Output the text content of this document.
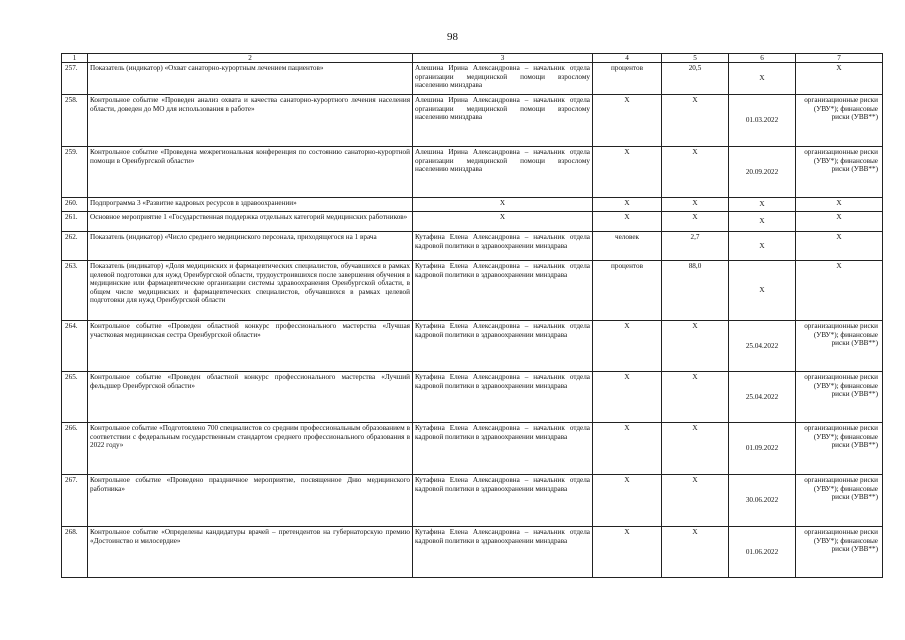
98
1	2	3	4	5	6	7
257.	Показатель (индикатор) «Охват санаторно-курортным лечением пациентов»	Алешина Ирина Александровна – начальник отдела организации медицинской помощи взрослому населению минздрава	процентов	20,5	X	X
258.	Контрольное событие «Проведен анализ охвата и качества санаторно-курортного лечения населения области, доведен до МО для использования в работе»	Алешина Ирина Александровна – начальник отдела организации медицинской помощи взрослому населению минздрава	X	X	01.03.2022	организационные риски (УВУ*); финансовые риски (УВВ**)
259.	Контрольное событие «Проведена межрегиональная конференция по состоянию санаторно-курортной помощи в Оренбургской области»	Алешина Ирина Александровна – начальник отдела организации медицинской помощи взрослому населению минздрава	X	X	20.09.2022	организационные риски (УВУ*); финансовые риски (УВВ**)
260.	Подпрограмма 3 «Развитие кадровых ресурсов в здравоохранении»	X	X	X	X	X
261.	Основное мероприятие 1 «Государственная поддержка отдельных категорий медицинских работников»	X	X	X	X	X
262.	Показатель (индикатор) «Число среднего медицинского персонала, приходящегося на 1 врача	Кутафина Елена Александровна – начальник отдела кадровой политики в здравоохранении минздрава	человек	2,7	X	X
263.	Показатель (индикатор) «Доля медицинских и фармацевтических специалистов, обучавшихся в рамках целевой подготовки для нужд Оренбургской области, трудоустроившихся после завершения обучения в медицинские или фармацевтические организации системы здравоохранения Оренбургской области, в общем числе медицинских и фармацевтических специалистов, обучавшихся в рамках целевой подготовки для нужд Оренбургской области	Кутафина Елена Александровна – начальник отдела кадровой политики в здравоохранении минздрава	процентов	88,0	X	X
264.	Контрольное событие «Проведен областной конкурс профессионального мастерства «Лучшая участковая медицинская сестра Оренбургской области»	Кутафина Елена Александровна – начальник отдела кадровой политики в здравоохранении минздрава	X	X	25.04.2022	организационные риски (УВУ*); финансовые риски (УВВ**)
265.	Контрольное событие «Проведен областной конкурс профессионального мастерства «Лучший фельдшер Оренбургской области»	Кутафина Елена Александровна – начальник отдела кадровой политики в здравоохранении минздрава	X	X	25.04.2022	организационные риски (УВУ*); финансовые риски (УВВ**)
266.	Контрольное событие «Подготовлено 700 специалистов со средним профессиональным образованием в соответствии с федеральным государственным стандартом среднего профессионального образования в 2022 году»	Кутафина Елена Александровна – начальник отдела кадровой политики в здравоохранении минздрава	X	X	01.09.2022	организационные риски (УВУ*); финансовые риски (УВВ**)
267.	Контрольное событие «Проведено праздничное мероприятие, посвященное Дню медицинского работника»	Кутафина Елена Александровна – начальник отдела кадровой политики в здравоохранении минздрава	X	X	30.06.2022	организационные риски (УВУ*); финансовые риски (УВВ**)
268.	Контрольное событие «Определены кандидатуры врачей – претендентов на губернаторскую премию «Достоинство и милосердие»	Кутафина Елена Александровна – начальник отдела кадровой политики в здравоохранении минздрава	X	X	01.06.2022	организационные риски (УВУ*); финансовые риски (УВВ**)
